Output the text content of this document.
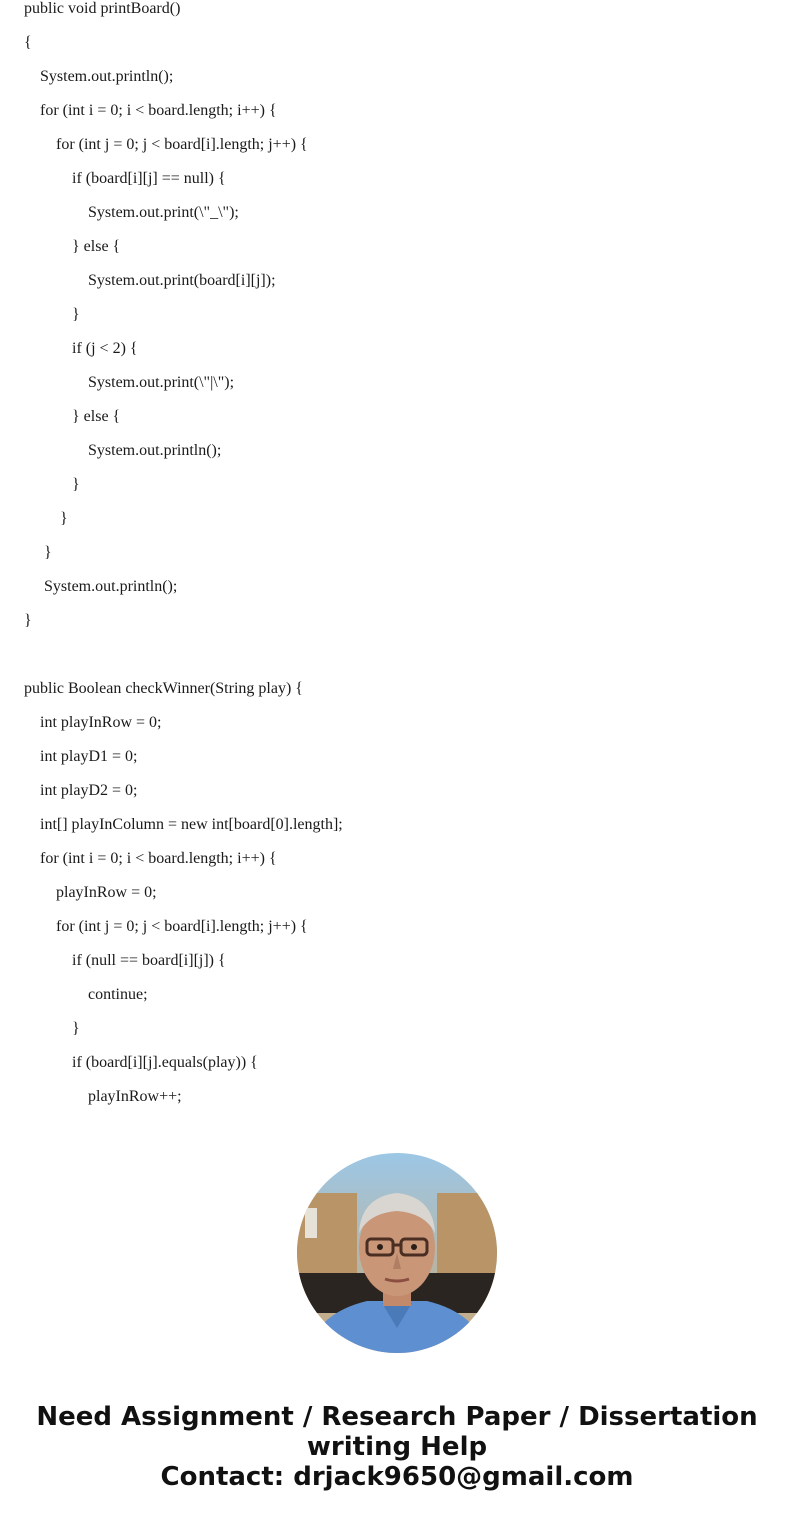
public void printBoard()
{
System.out.println();
for (int i = 0; i < board.length; i++) {
for (int j = 0; j < board[i].length; j++) {
if (board[i][j] == null) {
System.out.print(\"_\");
} else {
System.out.print(board[i][j]);
}
if (j < 2) {
System.out.print(\"|\");
} else {
System.out.println();
}
}
}
System.out.println();
}
public Boolean checkWinner(String play) {
int playInRow = 0;
int playD1 = 0;
int playD2 = 0;
int[] playInColumn = new int[board[0].length];
for (int i = 0; i < board.length; i++) {
playInRow = 0;
for (int j = 0; j < board[i].length; j++) {
if (null == board[i][j]) {
continue;
}
if (board[i][j].equals(play)) {
playInRow++;
Need Assignment / Research Paper / Dissertation
writing Help
Contact: drjack9650@gmail.com
